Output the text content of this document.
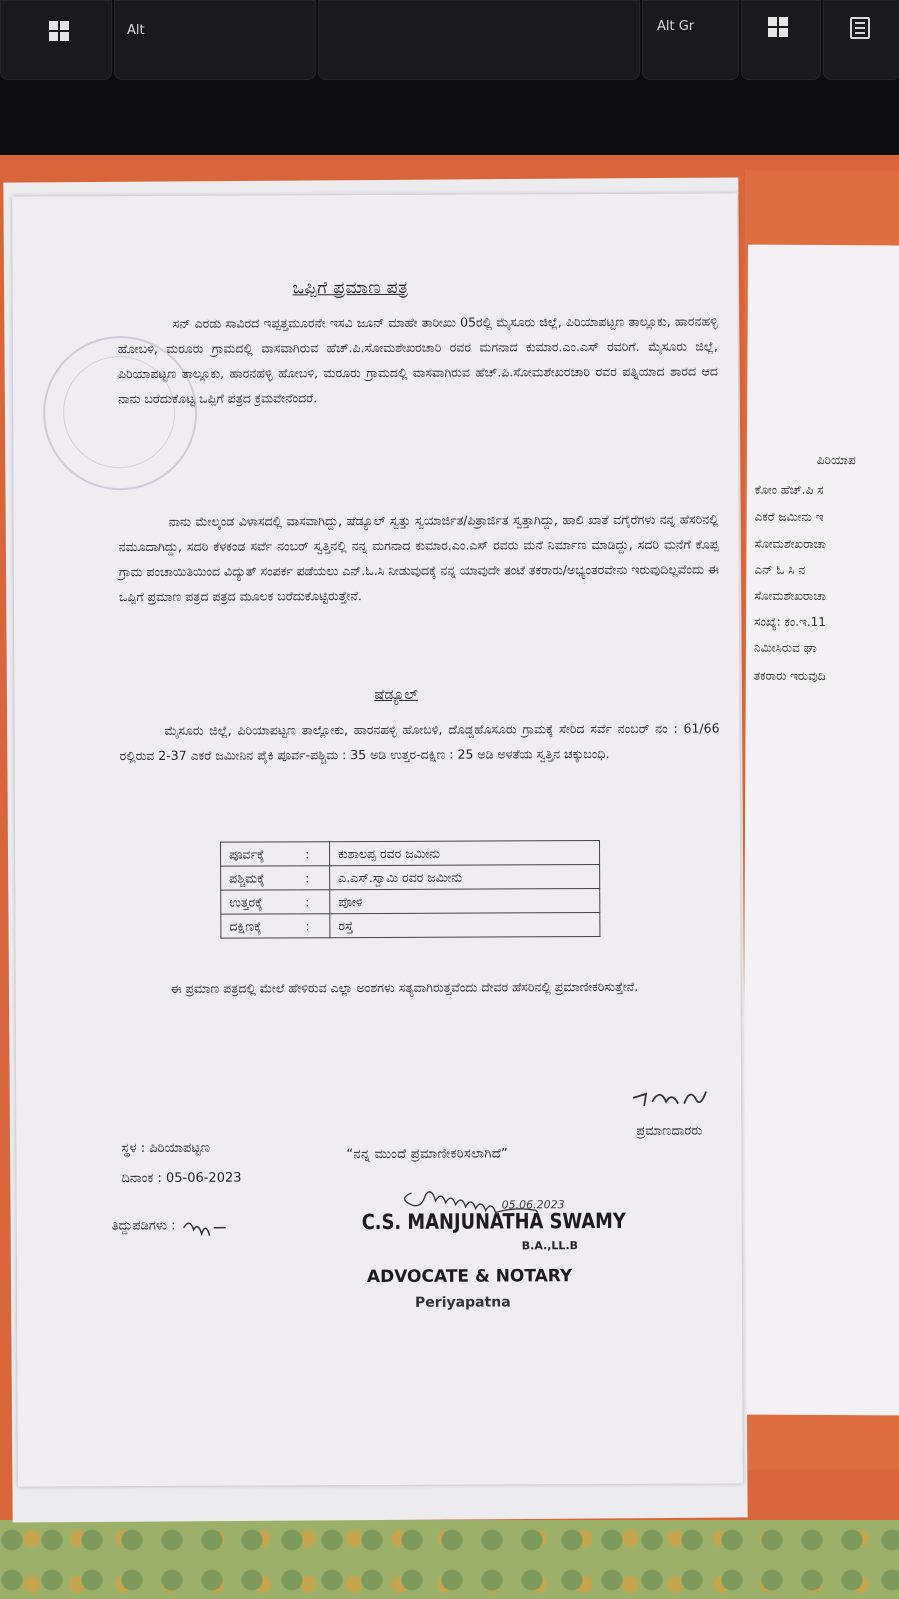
Alt	Alt Gr
ಪಿರಿಯಾಪ
ಕೋಂ ಹೆಚ್.ಪಿ ಸ
ಎಕರೆ ಜಮೀನು ಇ
ಸೋಮಶೇಖರಾಚಾ
ಎನ್ ಓ ಸಿ ನ
ಸೋಮಶೇಖರಾಚಾ
ಸಂಖ್ಯೆ: ಕಂ.ಇ.11
ನಿಮೀಸಿರುವ ಘಾ
ತಕರಾರು ಇರುವುದಿ
ಒಪ್ಪಿಗೆ ಪ್ರಮಾಣ ಪತ್ರ
ಸನ್ ಎರಡು ಸಾವಿರದ ಇಪ್ಪತ್ತಮೂರನೇ ಇಸವಿ ಜೂನ್ ಮಾಹೇ ತಾರೀಖು 05ರಲ್ಲಿ ಮೈಸೂರು ಜಿಲ್ಲೆ, ಪಿರಿಯಾಪಟ್ಟಣ ತಾಲ್ಲೂಕು, ಹಾರನಹಳ್ಳಿ ಹೋಬಳಿ, ಮರೂರು ಗ್ರಾಮದಲ್ಲಿ ವಾಸವಾಗಿರುವ ಹೆಚ್.ಪಿ.ಸೋಮಶೇಖರಚಾರಿ ರವರ ಮಗನಾದ ಕುಮಾರ.ಎಂ.ಎಸ್ ರವರಿಗೆ. ಮೈಸೂರು ಜಿಲ್ಲೆ, ಪಿರಿಯಾಪಟ್ಟಣ ತಾಲ್ಲೂಕು, ಹಾರನಹಳ್ಳಿ ಹೋಬಳಿ, ಮರೂರು ಗ್ರಾಮದಲ್ಲಿ ವಾಸವಾಗಿರುವ ಹೆಚ್.ಪಿ.ಸೋಮಶೇಖರಚಾರಿ ರವರ ಪತ್ನಿಯಾದ ಶಾರದ ಆದ ನಾನು ಬರೆದುಕೊಟ್ಟ ಒಪ್ಪಿಗೆ ಪತ್ರದ ಕ್ರಮವೇನೆಂದರೆ.
ನಾನು ಮೇಲ್ಕಂಡ ವಿಳಾಸದಲ್ಲಿ ವಾಸವಾಗಿದ್ದು, ಷೆಡ್ಯೂಲ್ ಸ್ವತ್ತು ಸ್ವಯಾರ್ಜಿತ/ಪಿತ್ರಾರ್ಜಿತ ಸ್ವತ್ತಾಗಿದ್ದು, ಹಾಲಿ ಖಾತೆ ವಗೈರೆಗಳು ನನ್ನ ಹೆಸರಿನಲ್ಲಿ ನಮೂದಾಗಿದ್ದು, ಸದರಿ ಕೆಳಕಂಡ ಸರ್ವೆ ನಂಬರ್ ಸ್ವತ್ತಿನಲ್ಲಿ ನನ್ನ ಮಗನಾದ ಕುಮಾರ.ಎಂ.ಎಸ್ ರವರು ಮನೆ ನಿರ್ಮಾಣ ಮಾಡಿದ್ದು, ಸದರಿ ಮನೆಗೆ ಕೊಪ್ಪ ಗ್ರಾಮ ಪಂಚಾಯಿತಿಯಿಂದ ವಿದ್ಯುತ್ ಸಂಪರ್ಕ ಪಡೆಯಲು ಎನ್.ಓ.ಸಿ ನೀಡುವುದಕ್ಕೆ ನನ್ನ ಯಾವುದೇ ತಂಟೆ ತಕರಾರು/ಅಭ್ಯಂತರವೇನು ಇರುವುದಿಲ್ಲವೆಂದು ಈ ಒಪ್ಪಿಗೆ ಪ್ರಮಾಣ ಪತ್ರದ ಪತ್ರದ ಮೂಲಕ ಬರೆದುಕೊಟ್ಟಿರುತ್ತೇನೆ.
ಷೆಡ್ಯೂಲ್
ಮೈಸೂರು ಜಿಲ್ಲೆ, ಪಿರಿಯಾಪಟ್ಟಣ ತಾಲ್ಲೋಕು, ಹಾರನಹಳ್ಳಿ ಹೋಬಳಿ, ದೊಡ್ಡಹೊಸೂರು ಗ್ರಾಮಕ್ಕೆ ಸೇರಿದ ಸರ್ವೆ ನಂಬರ್ ನಂ : 61/66 ರಲ್ಲಿರುವ 2-37 ಎಕರೆ ಜಮೀನಿನ ಪೈಕಿ ಪೂರ್ವ-ಪಶ್ಚಿಮ : 35 ಅಡಿ ಉತ್ತರ-ದಕ್ಷಿಣ : 25 ಅಡಿ ಅಳತೆಯ ಸ್ವತ್ತಿನ ಚಕ್ಕುಬಂಧಿ.
ಪೂರ್ವಕ್ಕೆ	:	ಕುಶಾಲಪ್ಪ ರವರ ಜಮೀನು
ಪಶ್ಚಿಮಕ್ಕೆ	:	ಎ.ಎಸ್.ಸ್ವಾಮಿ ರವರ ಜಮೀನು
ಉತ್ತರಕ್ಕೆ	:	ಪೋಳಿ
ದಕ್ಷಿಣಕ್ಕೆ	:	ರಸ್ತೆ
ಈ ಪ್ರಮಾಣ ಪತ್ರದಲ್ಲಿ ಮೇಲೆ ಹೇಳಿರುವ ಎಲ್ಲಾ ಅಂಶಗಳು ಸತ್ಯವಾಗಿರುತ್ತವೆಂದು ದೇವರ ಹೆಸರಿನಲ್ಲಿ ಪ್ರಮಾಣೀಕರಿಸುತ್ತೇನೆ.
ಪ್ರಮಾಣದಾರರು
ಸ್ಥಳ : ಪಿರಿಯಾಪಟ್ಟಣ
ದಿನಾಂಕ : 05-06-2023
ತಿದ್ದುಪಡಿಗಳು :
“ನನ್ನ ಮುಂದೆ ಪ್ರಮಾಣೀಕರಿಸಲಾಗಿದೆ”
05.06.2023
C.S. MANJUNATHA SWAMY
B.A.,LL.B
ADVOCATE & NOTARY
Periyapatna
